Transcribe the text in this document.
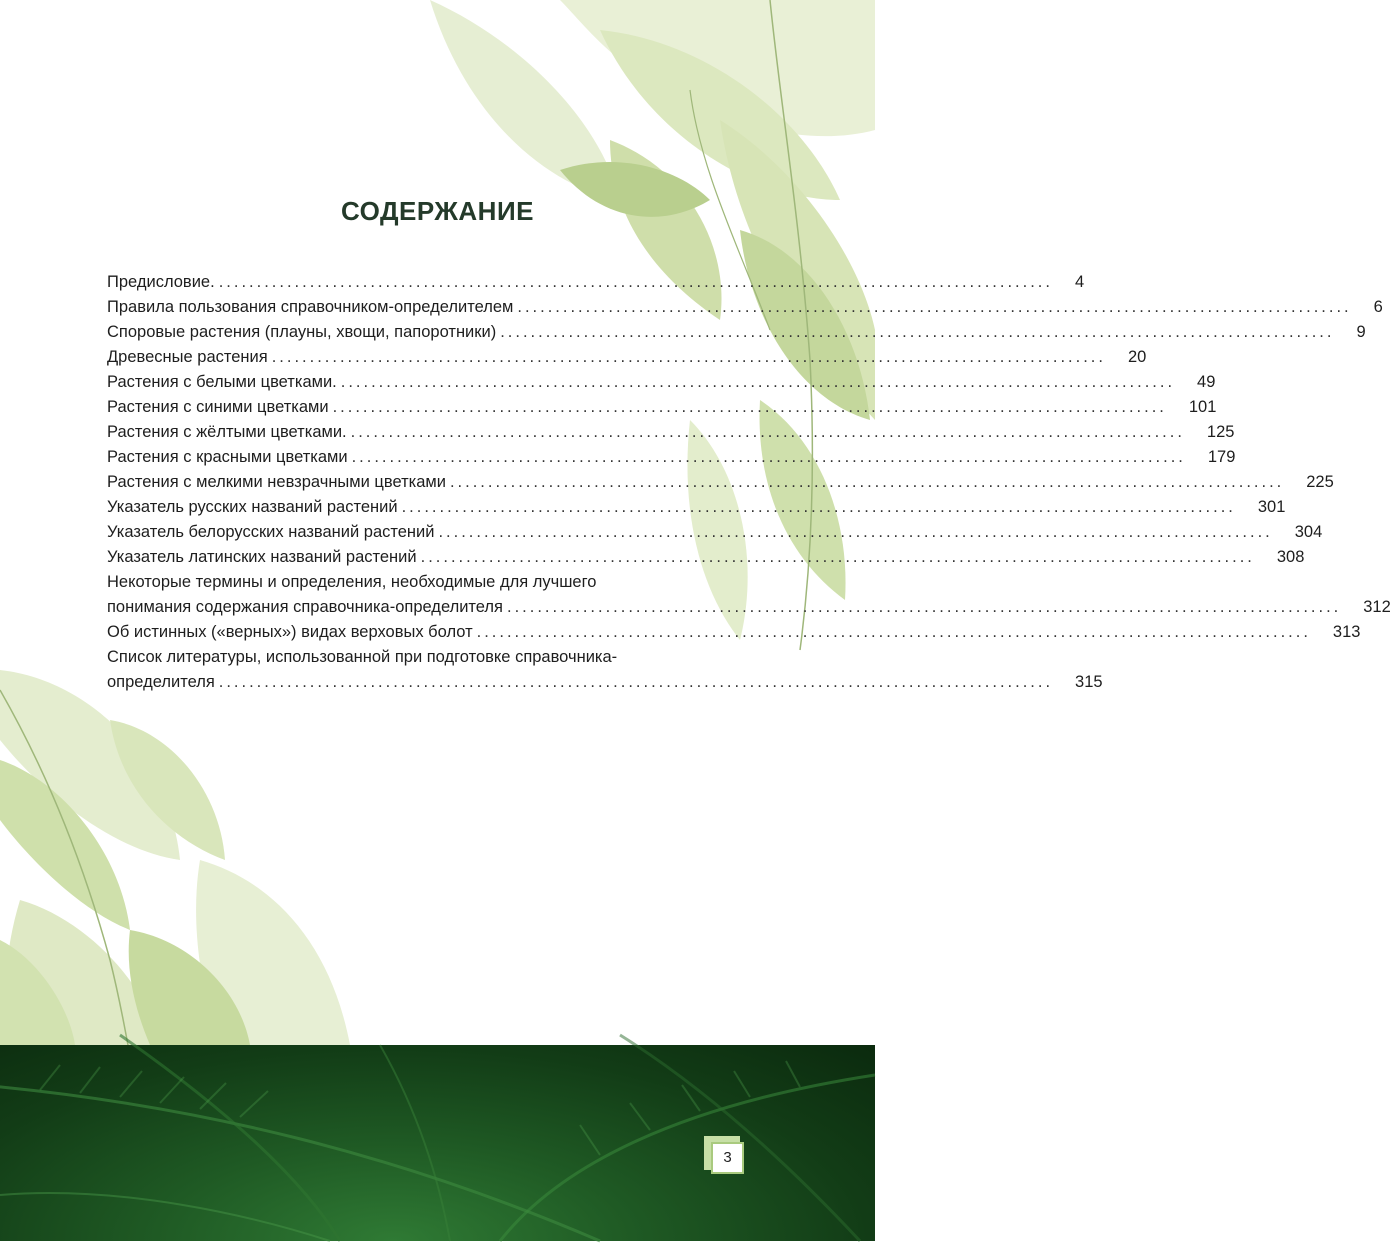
СОДЕРЖАНИЕ
Предисловие. .............................................................................................................. 4
Правила пользования справочником-определителем .............................................................................................................. 6
Споровые растения (плауны, хвощи, папоротники) .............................................................................................................. 9
Древесные растения .............................................................................................................. 20
Растения с белыми цветками. .............................................................................................................. 49
Растения с синими цветками .............................................................................................................. 101
Растения с жёлтыми цветками. .............................................................................................................. 125
Растения с красными цветками .............................................................................................................. 179
Растения с мелкими невзрачными цветками .............................................................................................................. 225
Указатель русских названий растений .............................................................................................................. 301
Указатель белорусских названий растений .............................................................................................................. 304
Указатель латинских названий растений .............................................................................................................. 308
Некоторые термины и определения, необходимые для лучшего
понимания содержания справочника-определителя .............................................................................................................. 312
Об истинных («верных») видах верховых болот .............................................................................................................. 313
Список литературы, использованной при подготовке справочника-
определителя .............................................................................................................. 315
3
